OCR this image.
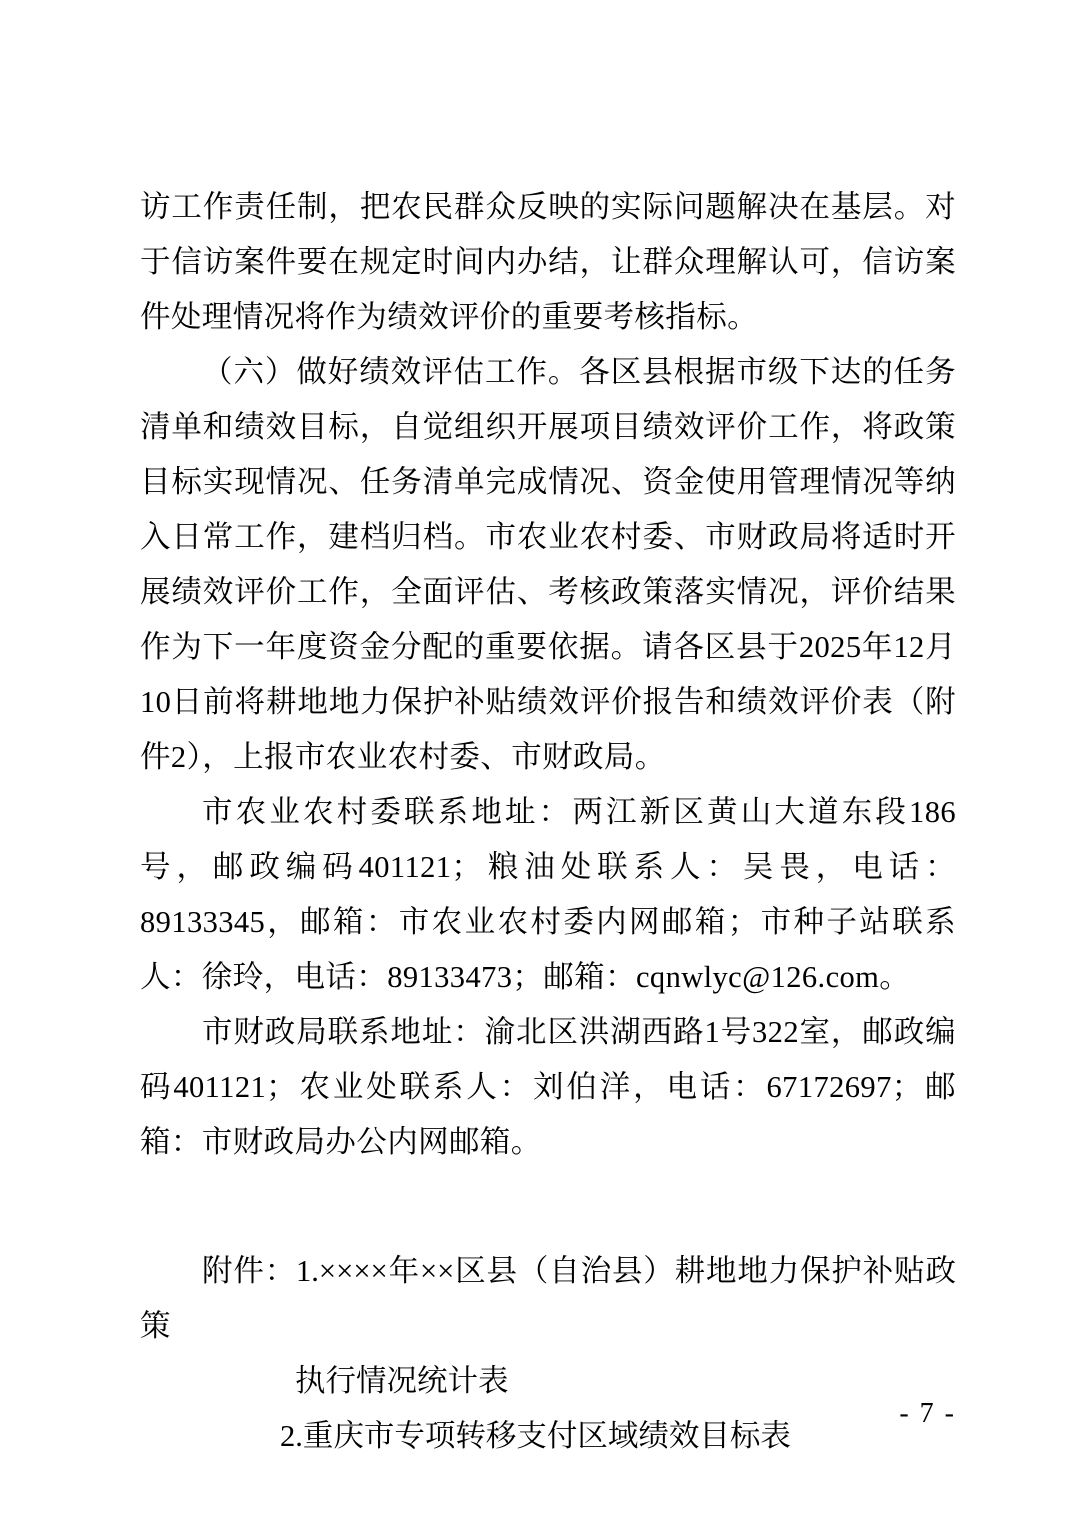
访工作责任制，把农民群众反映的实际问题解决在基层。对于信访案件要在规定时间内办结，让群众理解认可，信访案件处理情况将作为绩效评价的重要考核指标。

（六）做好绩效评估工作。各区县根据市级下达的任务清单和绩效目标，自觉组织开展项目绩效评价工作，将政策目标实现情况、任务清单完成情况、资金使用管理情况等纳入日常工作，建档归档。市农业农村委、市财政局将适时开展绩效评价工作，全面评估、考核政策落实情况，评价结果作为下一年度资金分配的重要依据。请各区县于2025年12月10日前将耕地地力保护补贴绩效评价报告和绩效评价表（附件2），上报市农业农村委、市财政局。

市农业农村委联系地址：两江新区黄山大道东段186号，邮政编码401121；粮油处联系人：吴畏，电话：89133345，邮箱：市农业农村委内网邮箱；市种子站联系人：徐玲，电话：89133473；邮箱：cqnwlyc@126.com。

市财政局联系地址：渝北区洪湖西路1号322室，邮政编码401121；农业处联系人：刘伯洋，电话：67172697；邮箱：市财政局办公内网邮箱。

附件：1.××××年××区县（自治县）耕地地力保护补贴政策

执行情况统计表

2.重庆市专项转移支付区域绩效目标表

- 7 -
